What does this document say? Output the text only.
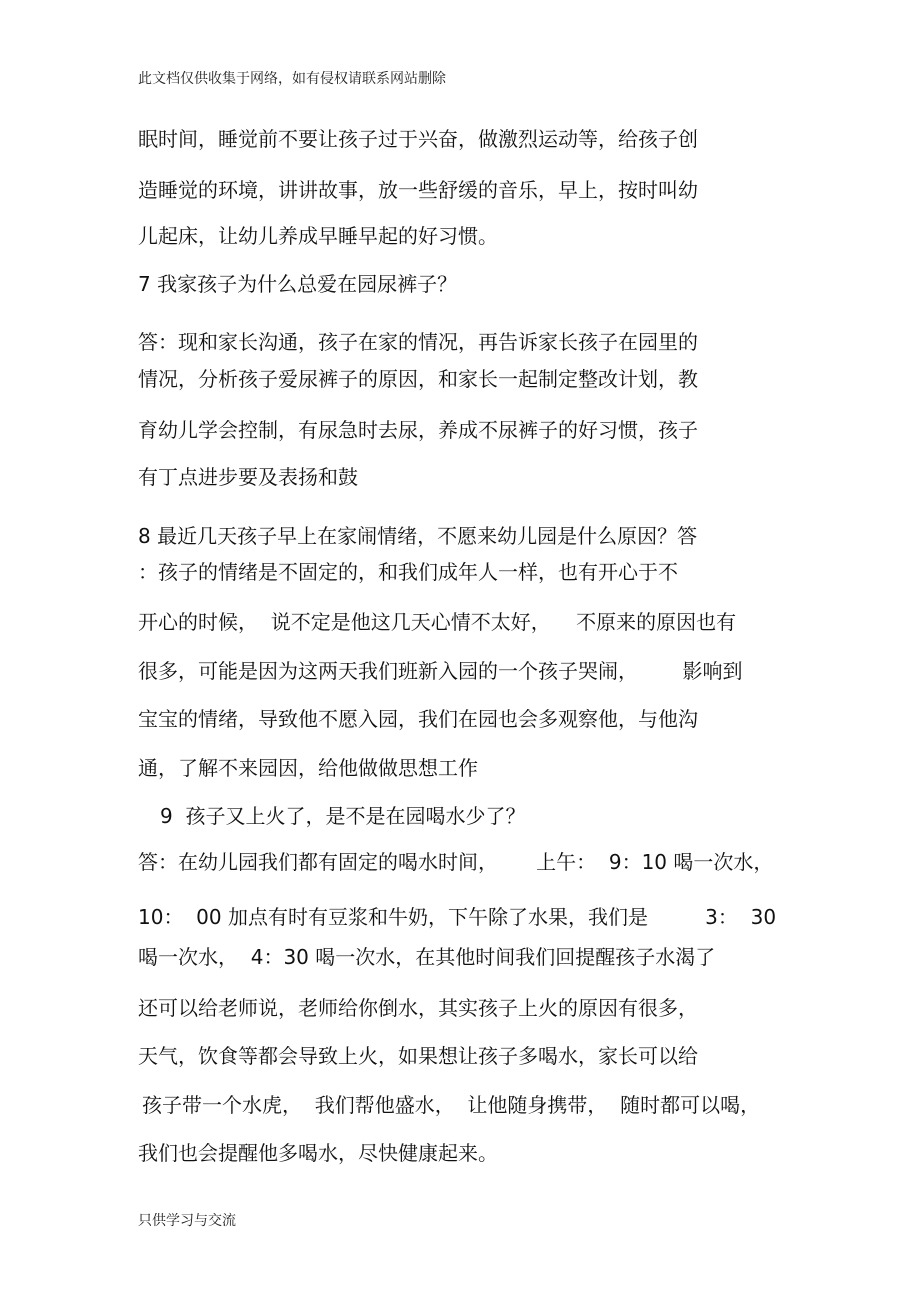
此文档仅供收集于网络，如有侵权请联系网站删除
眠时间，睡觉前不要让孩子过于兴奋，做激烈运动等，给孩子创
造睡觉的环境，讲讲故事，放一些舒缓的音乐，早上，按时叫幼
儿起床，让幼儿养成早睡早起的好习惯。
7 我家孩子为什么总爱在园尿裤子？
答：现和家长沟通，孩子在家的情况，再告诉家长孩子在园里的
情况，分析孩子爱尿裤子的原因，和家长一起制定整改计划，教
育幼儿学会控制，有尿急时去尿，养成不尿裤子的好习惯，孩子
有丁点进步要及表扬和鼓
8 最近几天孩子早上在家闹情绪，不愿来幼儿园是什么原因？答
：孩子的情绪是不固定的，和我们成年人一样，也有开心于不
开心的时候，  说不定是他这几天心情不太好，    不原来的原因也有
很多，可能是因为这两天我们班新入园的一个孩子哭闹，       影响到
宝宝的情绪，导致他不愿入园，我们在园也会多观察他，与他沟
通，了解不来园因，给他做做思想工作
9  孩子又上火了，是不是在园喝水少了？
答：在幼儿园我们都有固定的喝水时间，      上午：  9：10 喝一次水，
10：  00 加点有时有豆浆和牛奶，下午除了水果，我们是         3：  30
喝一次水，  4：30 喝一次水，在其他时间我们回提醒孩子水渴了
还可以给老师说，老师给你倒水，其实孩子上火的原因有很多，
天气，饮食等都会导致上火，如果想让孩子多喝水，家长可以给
孩子带一个水虎，  我们帮他盛水，  让他随身携带，  随时都可以喝，
我们也会提醒他多喝水，尽快健康起来。
只供学习与交流
